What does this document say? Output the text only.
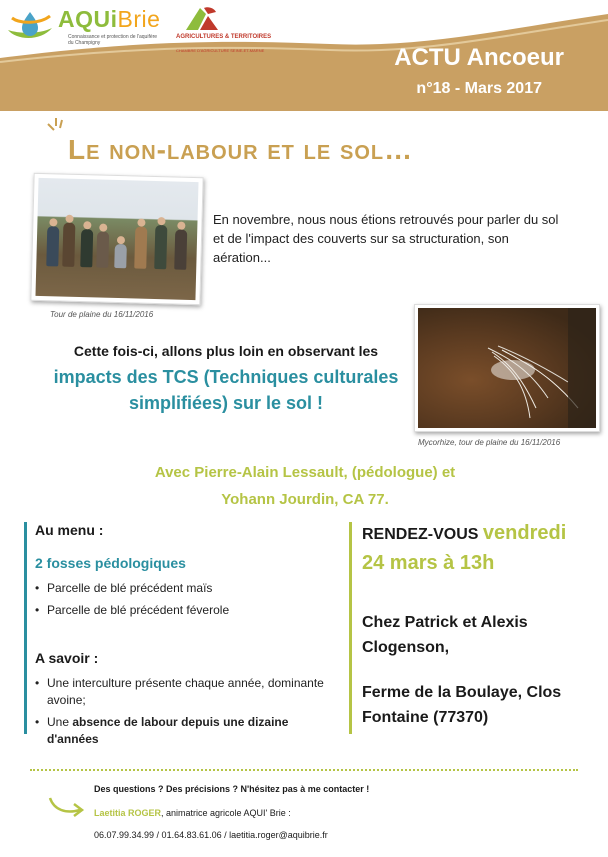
AQUiBrie
Connaissance et protection de l'aquifère du Champigny
AGRICULTURES & TERRITOIRES
CHAMBRE D'AGRICULTURE SEINE-ET-MARNE	ACTU Ancoeur
n°18 - Mars 2017
Le non-labour et le sol…
Tour de plaine du 16/11/2016
En novembre, nous nous étions retrouvés pour parler du sol et de l'impact des couverts sur sa structuration, son aération...
Mycorhize, tour de plaine du 16/11/2016
Cette fois-ci, allons plus loin en observant les
impacts des TCS (Techniques culturales simplifiées) sur le sol !
Avec Pierre-Alain Lessault, (pédologue) et
Yohann Jourdin, CA 77.
Au menu :
2 fosses pédologiques
• Parcelle de blé précédent maïs
• Parcelle de blé précédent féverole
A savoir :
• Une interculture présente chaque année, dominante avoine;
• Une absence de labour depuis une dizaine d'années
RENDEZ-VOUS vendredi
24 mars à 13h
Chez Patrick et Alexis Clogenson,
Ferme de la Boulaye, Clos Fontaine (77370)
Des questions ? Des précisions ? N'hésitez pas à me contacter !
Laetitia ROGER, animatrice agricole AQUI' Brie :
06.07.99.34.99 / 01.64.83.61.06 / laetitia.roger@aquibrie.fr
